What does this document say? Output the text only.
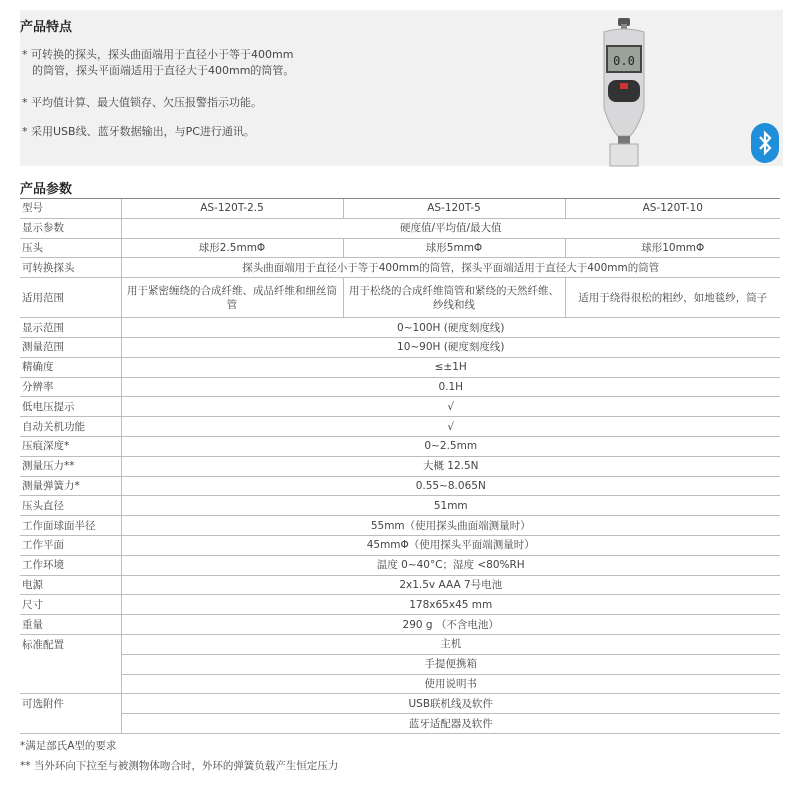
产品特点
* 可转换的探头，探头曲面端用于直径小于等于400mm
的筒管，探头平面端适用于直径大于400mm的筒管。
* 平均值计算、最大值锁存、欠压报警指示功能。
* 采用USB线、蓝牙数据输出，与PC进行通讯。
0.0
产品参数
型号	AS-120T-2.5	AS-120T-5	AS-120T-10
显示参数	硬度值/平均值/最大值		
压头	球形2.5mmΦ	球形5mmΦ	球形10mmΦ
可转换探头	探头曲面端用于直径小于等于400mm的筒管，探头平面端适用于直径大于400mm的筒管		
适用范围	用于紧密缠绕的合成纤维、成品纤维和细丝筒管	用于松绕的合成纤维筒管和紧绕的天然纤维、纱线和线	适用于绕得很松的粗纱，如地毯纱，筒子
显示范围	0~100H (硬度刻度线)		
测量范围	10~90H (硬度刻度线)		
精确度	≤±1H		
分辨率	0.1H		
低电压提示	√		
自动关机功能	√		
压痕深度*	0~2.5mm		
测量压力**	大概 12.5N		
测量弹簧力*	0.55~8.065N		
压头直径	51mm		
工作面球面半径	55mm（使用探头曲面端测量时）		
工作平面	45mmΦ（使用探头平面端测量时）		
工作环境	温度 0~40°C；湿度 <80%RH		
电源	2x1.5v AAA 7号电池		
尺寸	178x65x45 mm		
重量	290 g （不含电池）		
标准配置	主机		
	手提便携箱		
	使用说明书		
可选附件	USB联机线及软件		
	蓝牙适配器及软件		
*满足部氏A型的要求
** 当外环向下拉至与被测物体吻合时，外环的弹簧负载产生恒定压力
